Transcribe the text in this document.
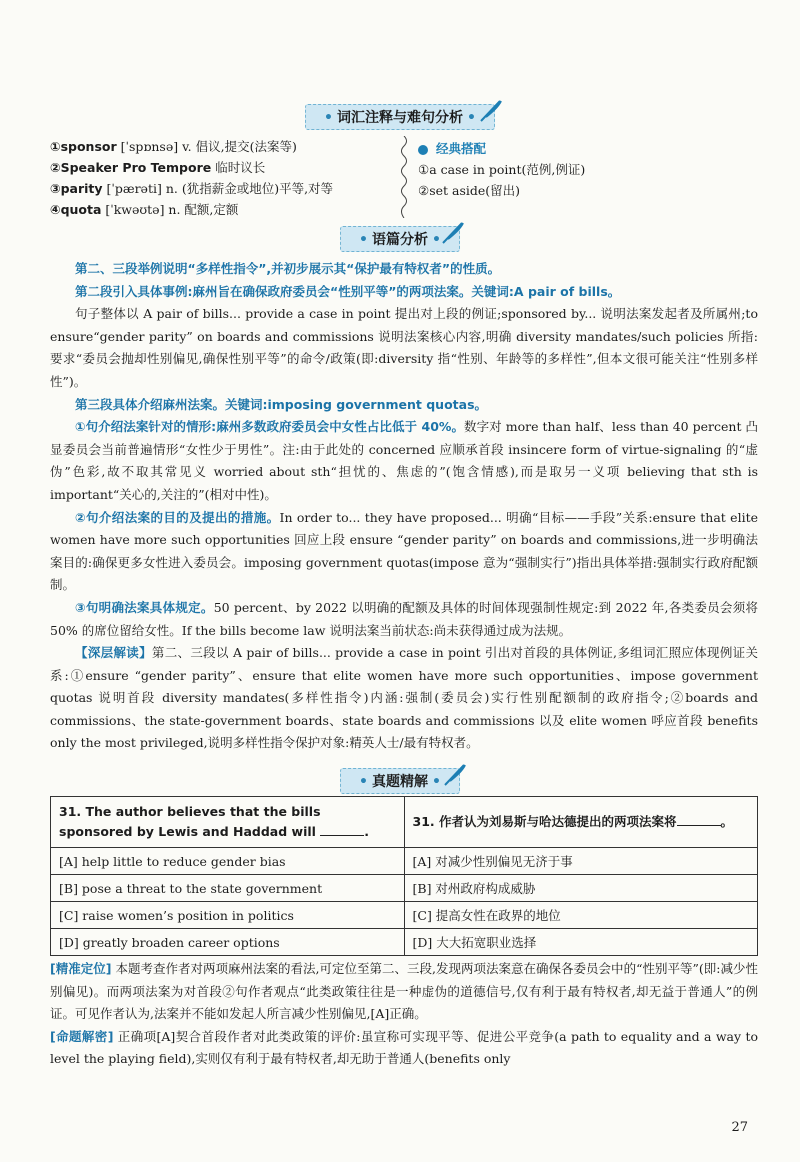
• 词汇注释与难句分析 •
①sponsor [ˈspɒnsə] v. 倡议,提交(法案等)
②Speaker Pro Tempore 临时议长
③parity [ˈpærəti] n. (犹指薪金或地位)平等,对等
④quota [ˈkwəʊtə] n. 配额,定额
经典搭配
①a case in point(范例,例证)
②set aside(留出)
• 语篇分析 •

第二、三段举例说明“多样性指令”,并初步展示其“保护最有特权者”的性质。

第二段引入具体事例:麻州旨在确保政府委员会“性别平等”的两项法案。关键词:A pair of bills。

句子整体以 A pair of bills... provide a case in point 提出对上段的例证;sponsored by... 说明法案发起者及所属州;to ensure“gender parity” on boards and commissions 说明法案核心内容,明确 diversity mandates/such policies 所指:要求“委员会抛却性别偏见,确保性别平等”的命令/政策(即:diversity 指“性别、年龄等的多样性”,但本文很可能关注“性别多样性”)。

第三段具体介绍麻州法案。关键词:imposing government quotas。

①句介绍法案针对的情形:麻州多数政府委员会中女性占比低于 40%。数字对 more than half、less than 40 percent 凸显委员会当前普遍情形“女性少于男性”。注:由于此处的 concerned 应顺承首段 insincere form of virtue-signaling 的“虚伪”色彩,故不取其常见义 worried about sth“担忧的、焦虑的”(饱含情感),而是取另一义项 believing that sth is important“关心的,关注的”(相对中性)。

②句介绍法案的目的及提出的措施。In order to... they have proposed... 明确“目标——手段”关系:ensure that elite women have more such opportunities 回应上段 ensure “gender parity” on boards and commissions,进一步明确法案目的:确保更多女性进入委员会。imposing government quotas(impose 意为“强制实行”)指出具体举措:强制实行政府配额制。

③句明确法案具体规定。50 percent、by 2022 以明确的配额及具体的时间体现强制性规定:到 2022 年,各类委员会须将 50% 的席位留给女性。If the bills become law 说明法案当前状态:尚未获得通过成为法规。

【深层解读】第二、三段以 A pair of bills... provide a case in point 引出对首段的具体例证,多组词汇照应体现例证关系:①ensure “gender parity”、ensure that elite women have more such opportunities、impose government quotas 说明首段 diversity mandates(多样性指令)内涵:强制(委员会)实行性别配额制的政府指令;②boards and commissions、the state-government boards、state boards and commissions 以及 elite women 呼应首段 benefits only the most privileged,说明多样性指令保护对象:精英人士/最有特权者。

• 真题精解 •
31. The author believes that the bills sponsored by Lewis and Haddad will .	31. 作者认为刘易斯与哈达德提出的两项法案将 。
[A] help little to reduce gender bias	[A] 对减少性别偏见无济于事
[B] pose a threat to the state government	[B] 对州政府构成威胁
[C] raise women’s position in politics	[C] 提高女性在政界的地位
[D] greatly broaden career options	[D] 大大拓宽职业选择

[精准定位] 本题考查作者对两项麻州法案的看法,可定位至第二、三段,发现两项法案意在确保各委员会中的“性别平等”(即:减少性别偏见)。而两项法案为对首段②句作者观点“此类政策往往是一种虚伪的道德信号,仅有利于最有特权者,却无益于普通人”的例证。可见作者认为,法案并不能如发起人所言减少性别偏见,[A]正确。

[命题解密] 正确项[A]契合首段作者对此类政策的评价:虽宣称可实现平等、促进公平竞争(a path to equality and a way to level the playing field),实则仅有利于最有特权者,却无助于普通人(benefits only

27
